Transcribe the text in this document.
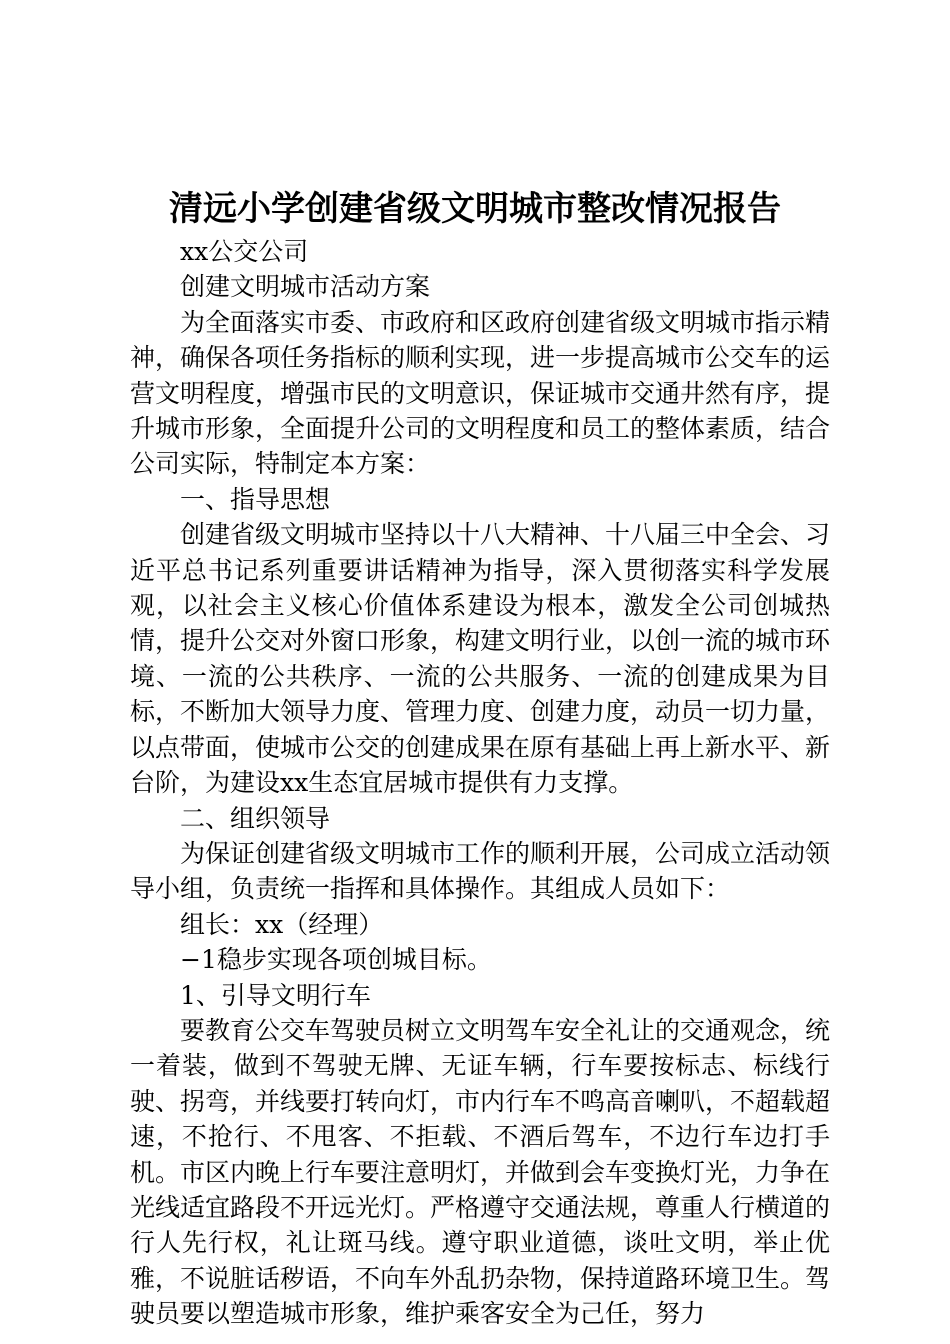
清远小学创建省级文明城市整改情况报告

xx公交公司

创建文明城市活动方案

为全面落实市委、市政府和区政府创建省级文明城市指示精神，确保各项任务指标的顺利实现，进一步提高城市公交车的运营文明程度，增强市民的文明意识，保证城市交通井然有序，提升城市形象，全面提升公司的文明程度和员工的整体素质，结合公司实际，特制定本方案：

一、指导思想

创建省级文明城市坚持以十八大精神、十八届三中全会、习近平总书记系列重要讲话精神为指导，深入贯彻落实科学发展观，以社会主义核心价值体系建设为根本，激发全公司创城热情，提升公交对外窗口形象，构建文明行业，以创一流的城市环境、一流的公共秩序、一流的公共服务、一流的创建成果为目标，不断加大领导力度、管理力度、创建力度，动员一切力量，以点带面，使城市公交的创建成果在原有基础上再上新水平、新台阶，为建设xx生态宜居城市提供有力支撑。

二、组织领导

为保证创建省级文明城市工作的顺利开展，公司成立活动领导小组，负责统一指挥和具体操作。其组成人员如下：

组长：xx（经理）

−1稳步实现各项创城目标。

1、引导文明行车

要教育公交车驾驶员树立文明驾车安全礼让的交通观念，统一着装，做到不驾驶无牌、无证车辆，行车要按标志、标线行驶、拐弯，并线要打转向灯，市内行车不鸣高音喇叭，不超载超速，不抢行、不甩客、不拒载、不酒后驾车，不边行车边打手机。市区内晚上行车要注意明灯，并做到会车变换灯光，力争在光线适宜路段不开远光灯。严格遵守交通法规，尊重人行横道的行人先行权，礼让斑马线。遵守职业道德，谈吐文明，举止优雅，不说脏话秽语，不向车外乱扔杂物，保持道路环境卫生。驾驶员要以塑造城市形象，维护乘客安全为己任，努力
